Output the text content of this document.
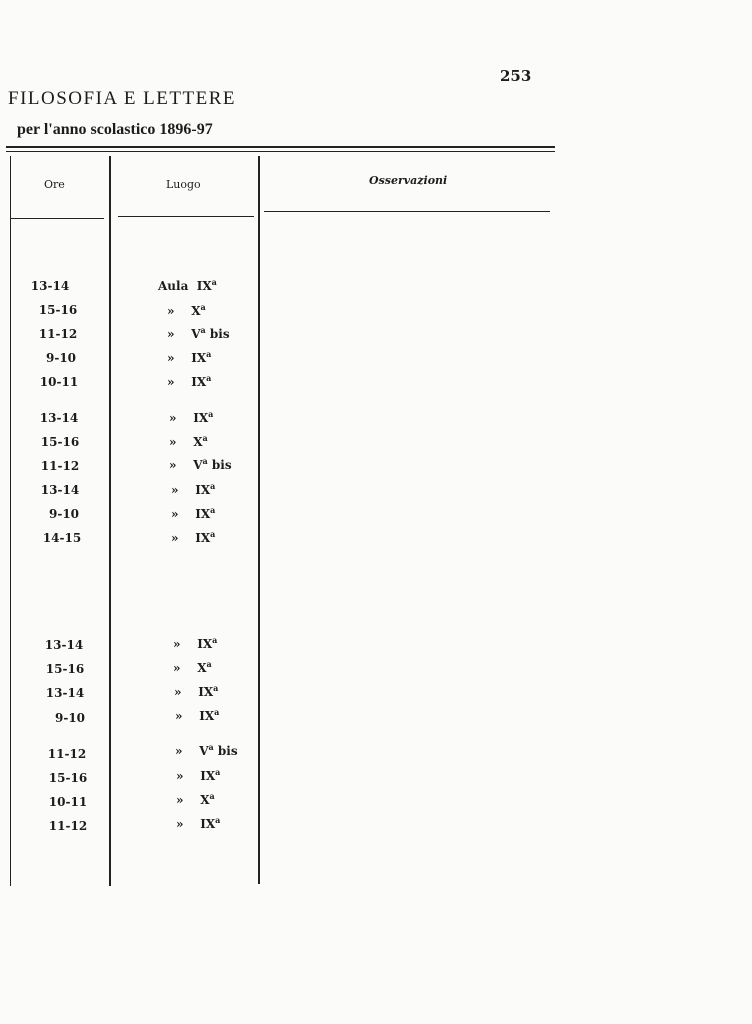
253
FILOSOFIA E LETTERE
per l'anno scolastico 1896-97
Ore	Luogo	Osservazioni
13-14	Aula $IX^a$
15-16	» $X^a$
11-12	» $V^a$ bis
9-10	» $IX^a$
10-11	» $IX^a$
13-14	» $IX^a$
15-16	» $X^a$
11-12	» $V^a$ bis
13-14	» $IX^a$
9-10	» $IX^a$
14-15	» $IX^a$
13-14	» $IX^a$
15-16	» $X^a$
13-14	» $IX^a$
9-10	» $IX^a$
11-12	» $V^a$ bis
15-16	» $IX^a$
10-11	» $X^a$
11-12	» $IX^a$
